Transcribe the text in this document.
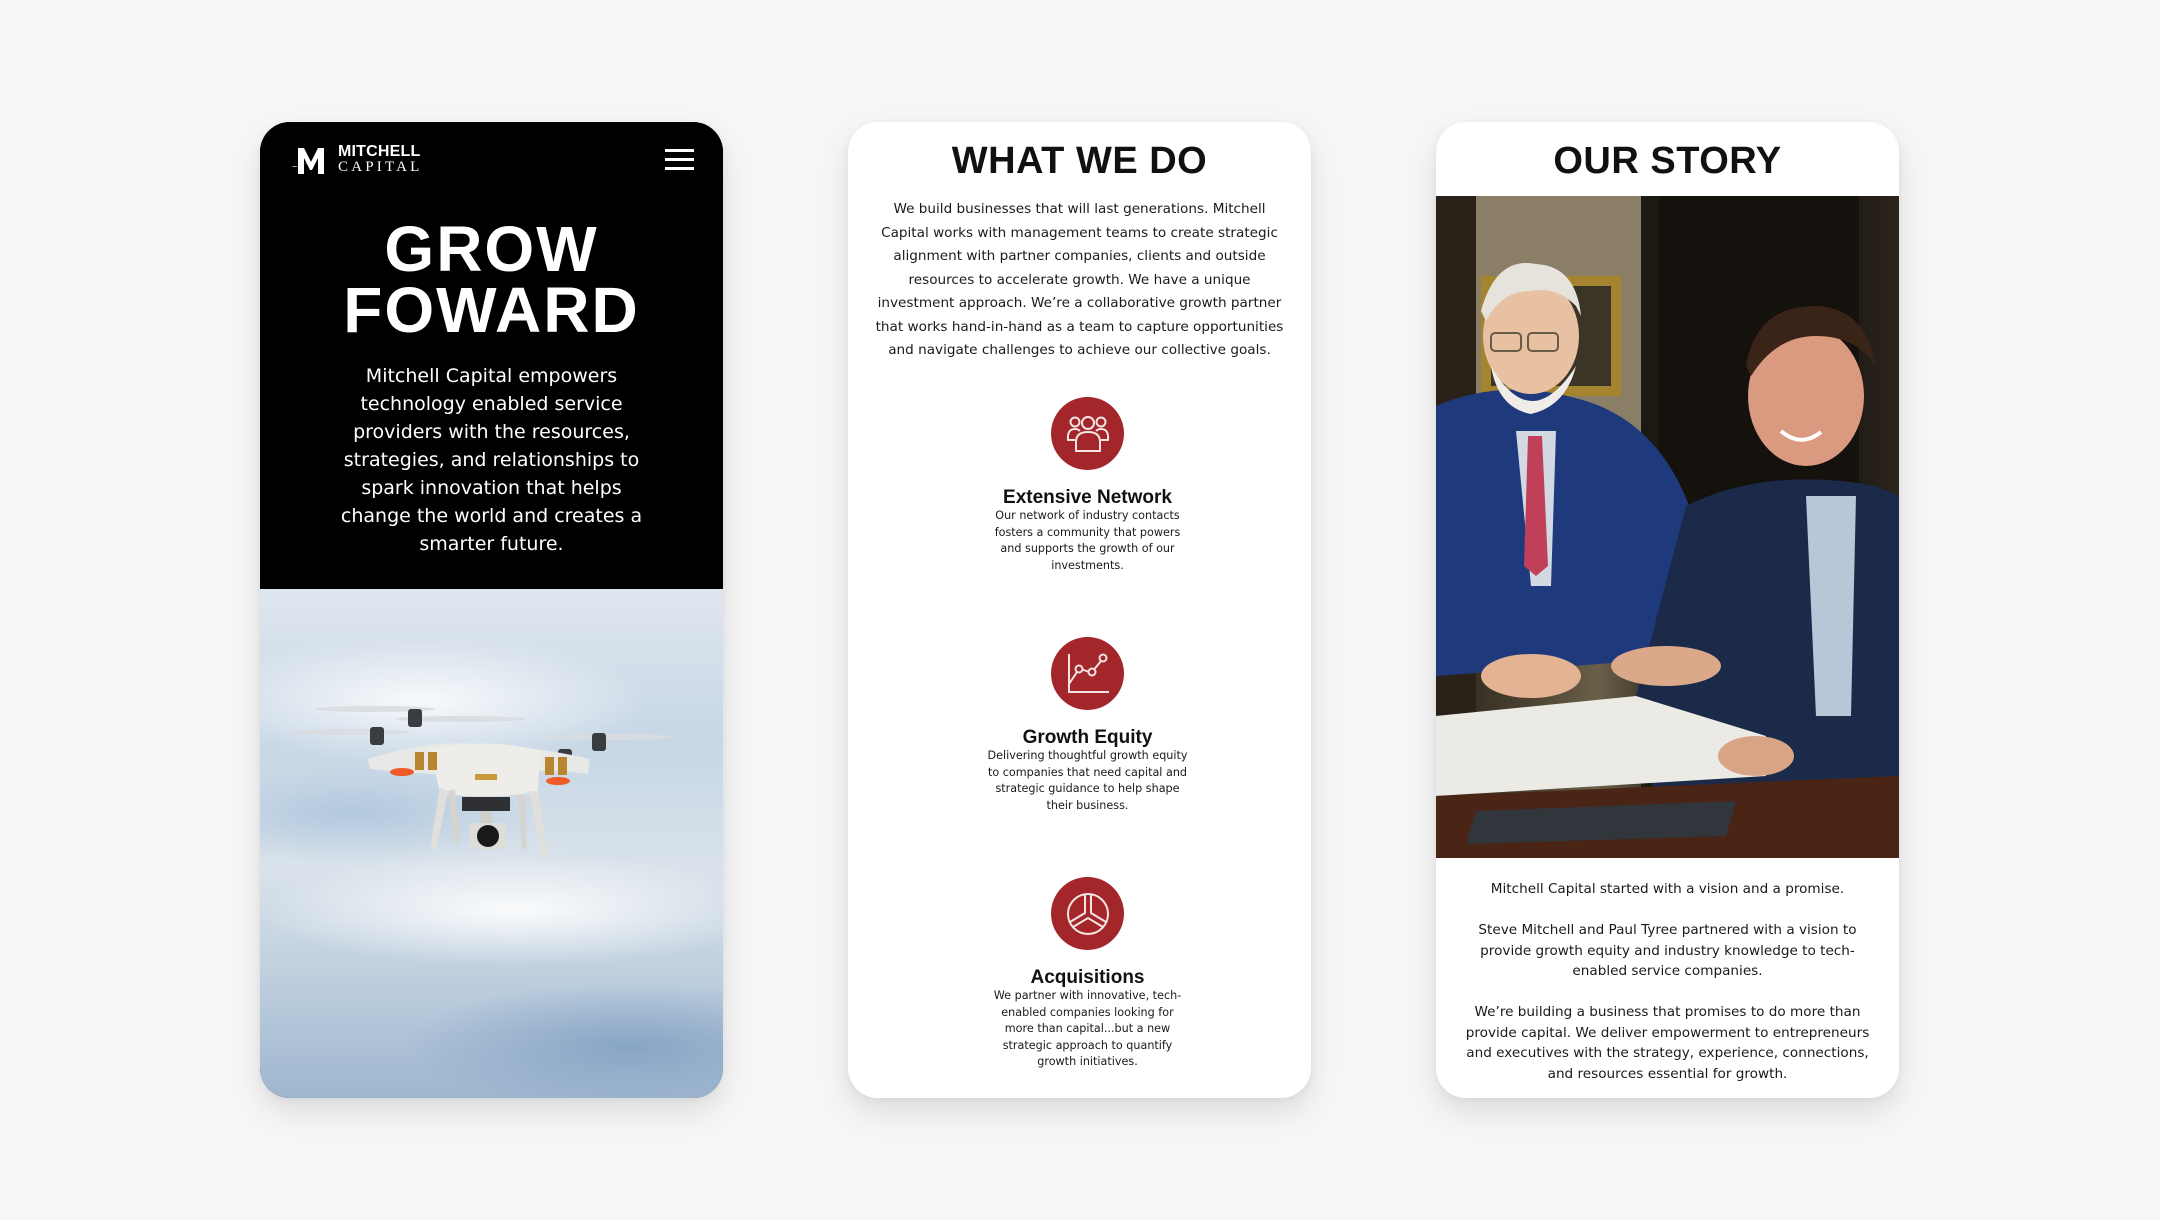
MITCHELL
CAPITAL
GROW
FOWARD

Mitchell Capital empowers technology enabled service providers with the resources, strategies, and relationships to spark innovation that helps change the world and creates a smarter future.

WHAT WE DO

We build businesses that will last generations. Mitchell Capital works with management teams to create strategic alignment with partner companies, clients and outside resources to accelerate growth. We have a unique investment approach. We’re a collaborative growth partner that works hand-in-hand as a team to capture opportunities and navigate challenges to achieve our collective goals.

Extensive Network

Our network of industry contacts fosters a community that powers and supports the growth of our investments.

Growth Equity

Delivering thoughtful growth equity to companies that need capital and strategic guidance to help shape their business.

Acquisitions

We partner with innovative, tech-enabled companies looking for more than capital...but a new strategic approach to quantify growth initiatives.

OUR STORY

Mitchell Capital started with a vision and a promise.

Steve Mitchell and Paul Tyree partnered with a vision to provide growth equity and industry knowledge to tech-enabled service companies.

We’re building a business that promises to do more than provide capital. We deliver empowerment to entrepreneurs and executives with the strategy, experience, connections, and resources essential for growth.
